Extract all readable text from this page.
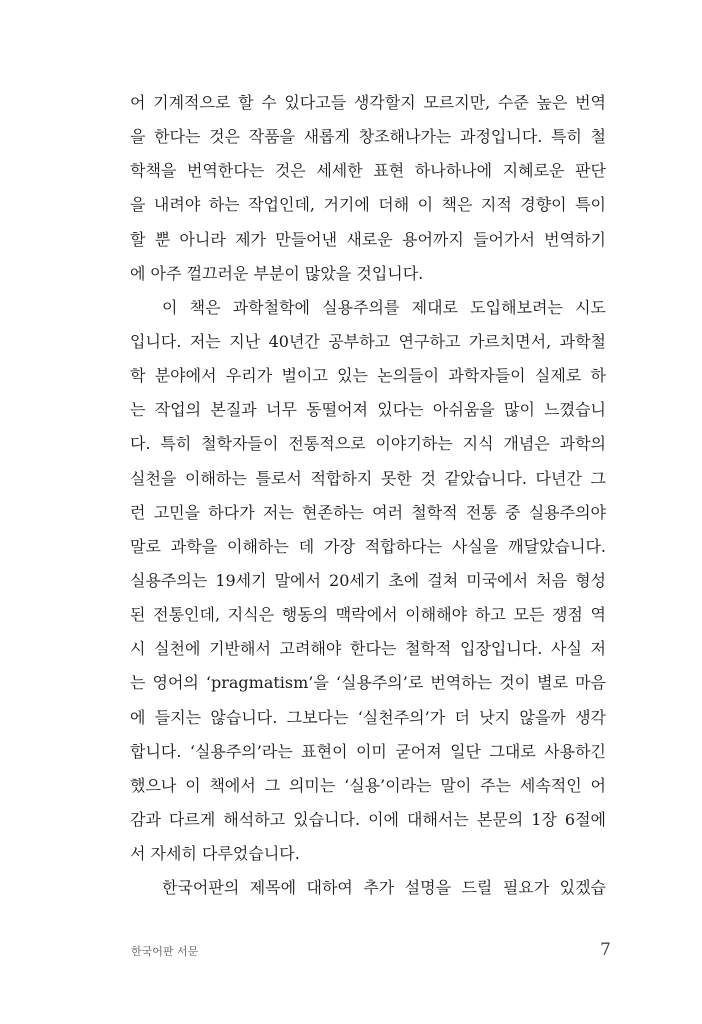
어 기계적으로 할 수 있다고들 생각할지 모르지만, 수준 높은 번역
을 한다는 것은 작품을 새롭게 창조해나가는 과정입니다. 특히 철
학책을 번역한다는 것은 세세한 표현 하나하나에 지혜로운 판단
을 내려야 하는 작업인데, 거기에 더해 이 책은 지적 경향이 특이
할 뿐 아니라 제가 만들어낸 새로운 용어까지 들어가서 번역하기
에 아주 껄끄러운 부분이 많았을 것입니다.
이 책은 과학철학에 실용주의를 제대로 도입해보려는 시도
입니다. 저는 지난 40년간 공부하고 연구하고 가르치면서, 과학철
학 분야에서 우리가 벌이고 있는 논의들이 과학자들이 실제로 하
는 작업의 본질과 너무 동떨어져 있다는 아쉬움을 많이 느꼈습니
다. 특히 철학자들이 전통적으로 이야기하는 지식 개념은 과학의
실천을 이해하는 틀로서 적합하지 못한 것 같았습니다. 다년간 그
런 고민을 하다가 저는 현존하는 여러 철학적 전통 중 실용주의야
말로 과학을 이해하는 데 가장 적합하다는 사실을 깨달았습니다.
실용주의는 19세기 말에서 20세기 초에 걸쳐 미국에서 처음 형성
된 전통인데, 지식은 행동의 맥락에서 이해해야 하고 모든 쟁점 역
시 실천에 기반해서 고려해야 한다는 철학적 입장입니다. 사실 저
는 영어의 ‘pragmatism’을 ‘실용주의’로 번역하는 것이 별로 마음
에 들지는 않습니다. 그보다는 ‘실천주의’가 더 낫지 않을까 생각
합니다. ‘실용주의’라는 표현이 이미 굳어져 일단 그대로 사용하긴
했으나 이 책에서 그 의미는 ‘실용’이라는 말이 주는 세속적인 어
감과 다르게 해석하고 있습니다. 이에 대해서는 본문의 1장 6절에
서 자세히 다루었습니다.
한국어판의 제목에 대하여 추가 설명을 드릴 필요가 있겠습
한국어판 서문	7
